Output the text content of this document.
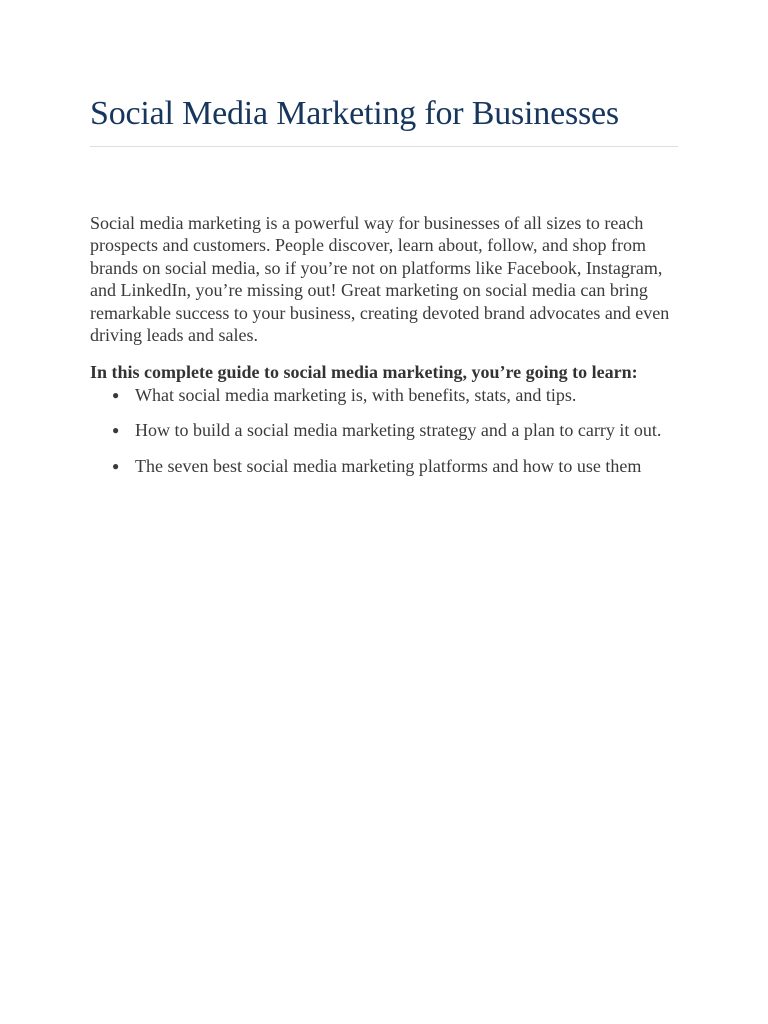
Social Media Marketing for Businesses

Social media marketing is a powerful way for businesses of all sizes to reach prospects and customers. People discover, learn about, follow, and shop from brands on social media, so if you’re not on platforms like Facebook, Instagram, and LinkedIn, you’re missing out! Great marketing on social media can bring remarkable success to your business, creating devoted brand advocates and even driving leads and sales.

In this complete guide to social media marketing, you’re going to learn:

● What social media marketing is, with benefits, stats, and tips.
● How to build a social media marketing strategy and a plan to carry it out.
● The seven best social media marketing platforms and how to use them
